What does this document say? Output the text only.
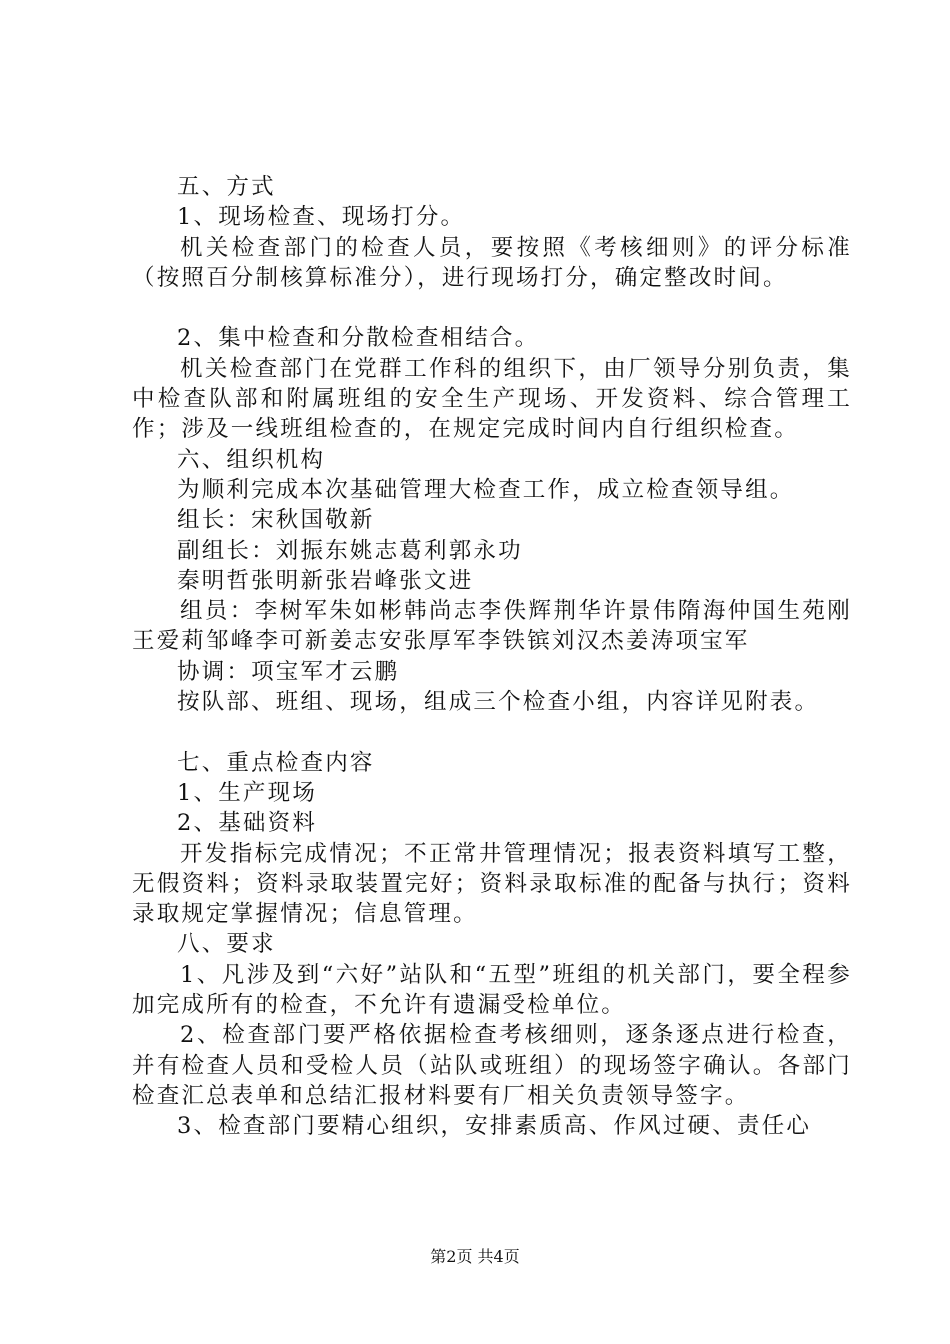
五、方式
1、现场检查、现场打分。
机关检查部门的检查人员，要按照《考核细则》的评分标准（按照百分制核算标准分），进行现场打分，确定整改时间。
2、集中检查和分散检查相结合。
机关检查部门在党群工作科的组织下，由厂领导分别负责，集中检查队部和附属班组的安全生产现场、开发资料、综合管理工作；涉及一线班组检查的，在规定完成时间内自行组织检查。
六、组织机构
为顺利完成本次基础管理大检查工作，成立检查领导组。
组长：宋秋国敬新
副组长：刘振东姚志葛利郭永功
秦明哲张明新张岩峰张文进
组员：李树军朱如彬韩尚志李佚辉荆华许景伟隋海仲国生苑刚王爱莉邹峰李可新姜志安张厚军李铁镔刘汉杰姜涛项宝军
协调：项宝军才云鹏
按队部、班组、现场，组成三个检查小组，内容详见附表。
七、重点检查内容
1、生产现场
2、基础资料
开发指标完成情况；不正常井管理情况；报表资料填写工整，无假资料；资料录取装置完好；资料录取标准的配备与执行；资料录取规定掌握情况；信息管理。
八、要求
1、凡涉及到“六好”站队和“五型”班组的机关部门，要全程参加完成所有的检查，不允许有遗漏受检单位。
2、检查部门要严格依据检查考核细则，逐条逐点进行检查，并有检查人员和受检人员（站队或班组）的现场签字确认。各部门检查汇总表单和总结汇报材料要有厂相关负责领导签字。
3、检查部门要精心组织，安排素质高、作风过硬、责任心
第2页 共4页
